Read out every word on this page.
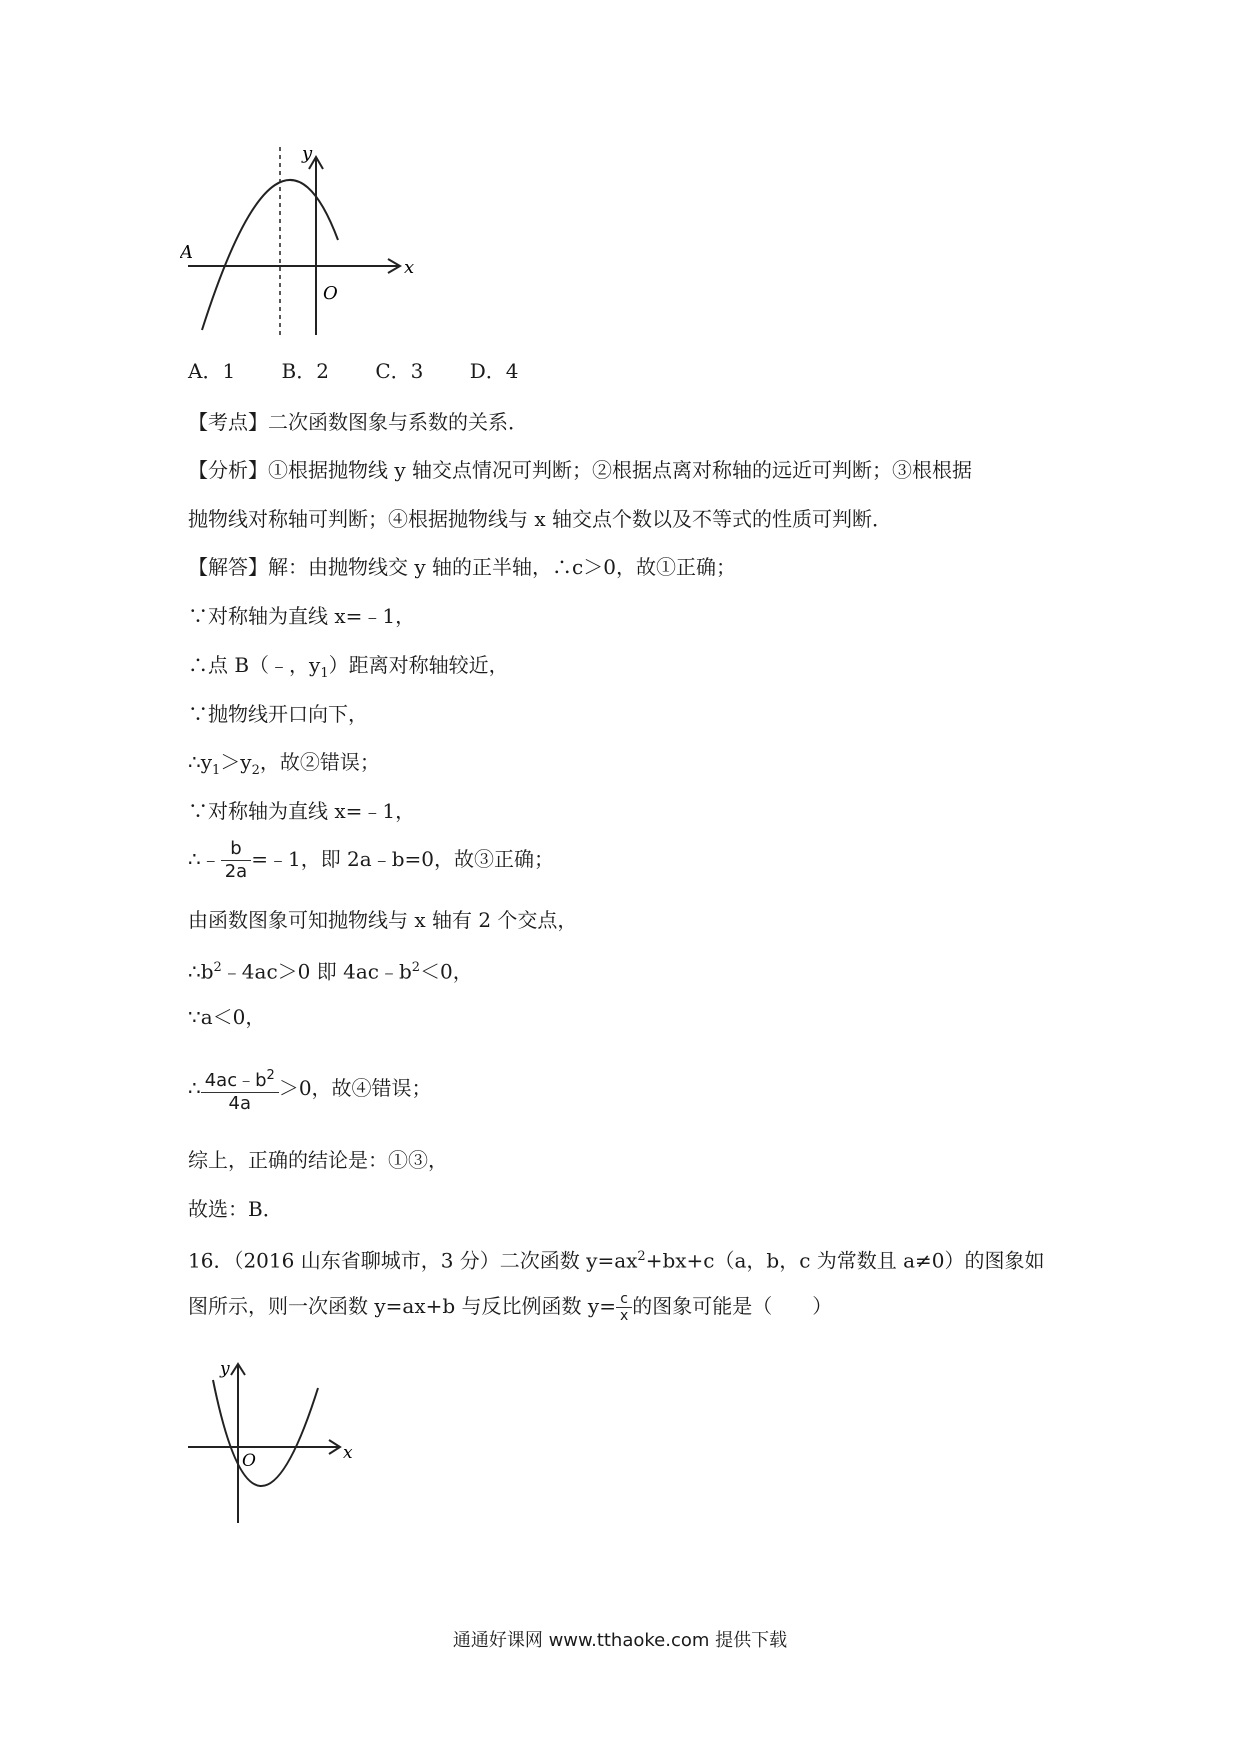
y
x
O
A
A．1 B．2 C．3 D．4
【考点】二次函数图象与系数的关系．
【分析】①根据抛物线 y 轴交点情况可判断；②根据点离对称轴的远近可判断；③根根据
抛物线对称轴可判断；④根据抛物线与 x 轴交点个数以及不等式的性质可判断．
【解答】解：由抛物线交 y 轴的正半轴，∴c＞0，故①正确；
∵对称轴为直线 x=﹣1，
∴点 B（﹣，$y_1$）距离对称轴较近，
∵抛物线开口向下，
$\therefore y_1>y_2$，故②错误；
∵对称轴为直线 x=﹣1，
∴﹣ $\frac{b}{2a}$ =﹣1，即 2a﹣b=0，故③正确；
由函数图象可知抛物线与 x 轴有 2 个交点，
$\therefore b^2﹣4ac>0$ 即 $4ac﹣b^2<0$，
∵a＜0，
∴ $\frac{4ac﹣b^2}{4a} >0$，故④错误；
综上，正确的结论是：①③，
故选：B．
16．（2016 山东省聊城市，3 分）二次函数 $y=ax^2+bx+c(a$，b，c 为常数且 a≠0）的图象如
图所示，则一次函数 y=ax+b 与反比例函数 $y= \frac{c}{x}$ 的图象可能是（　　）
y
x
O
通通好课网 www.tthaoke.com 提供下载
